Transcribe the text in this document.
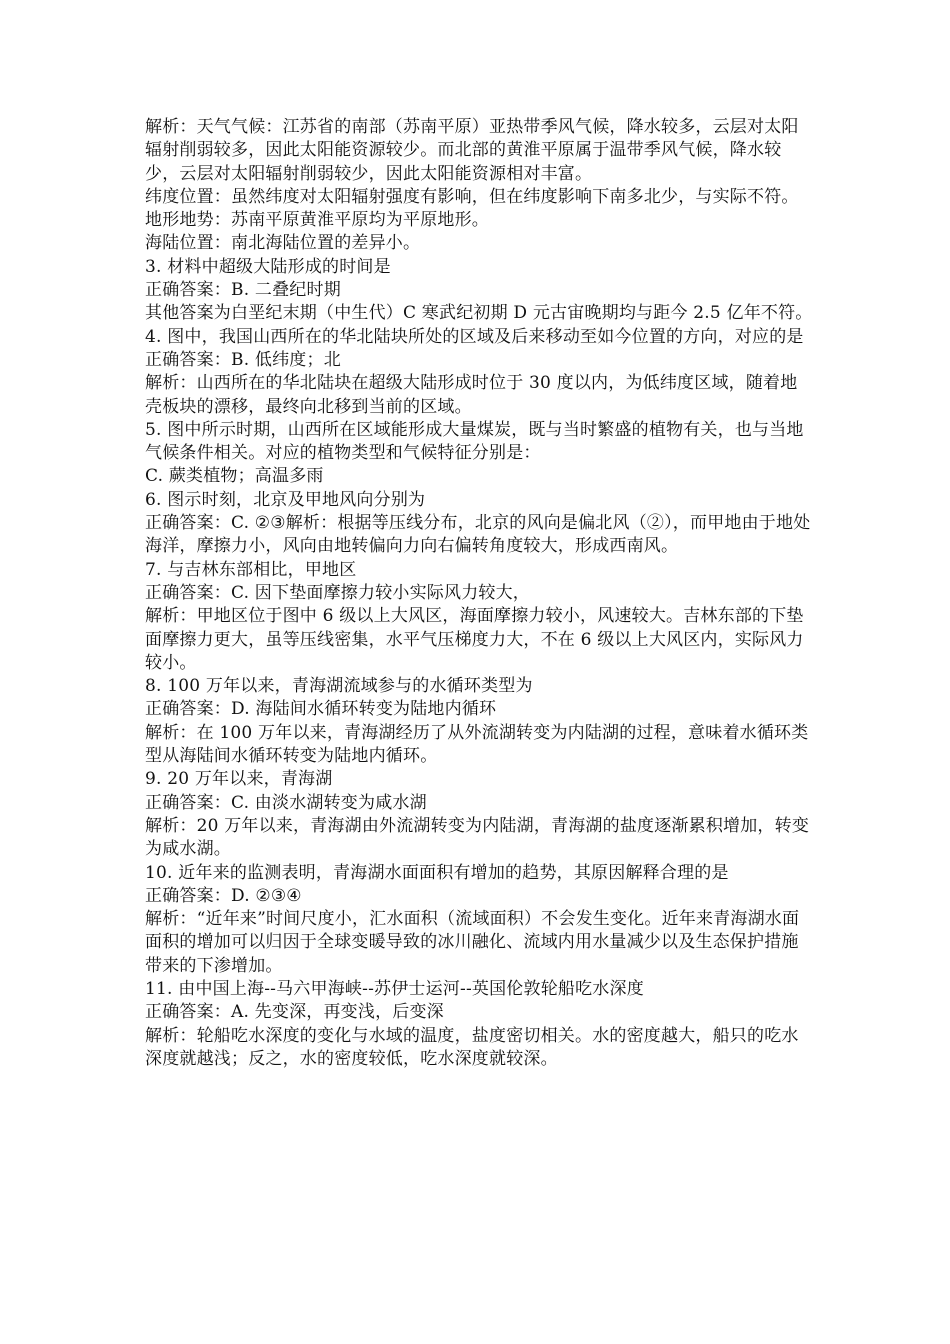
解析：天气气候：江苏省的南部（苏南平原）亚热带季风气候，降水较多，云层对太阳辐射削弱较多，因此太阳能资源较少。而北部的黄淮平原属于温带季风气候，降水较少，云层对太阳辐射削弱较少，因此太阳能资源相对丰富。

纬度位置：虽然纬度对太阳辐射强度有影响，但在纬度影响下南多北少，与实际不符。

地形地势：苏南平原黄淮平原均为平原地形。

海陆位置：南北海陆位置的差异小。

3. 材料中超级大陆形成的时间是

正确答案：B. 二叠纪时期

其他答案为白垩纪末期（中生代）C 寒武纪初期 D 元古宙晚期均与距今 2.5 亿年不符。

4. 图中，我国山西所在的华北陆块所处的区域及后来移动至如今位置的方向，对应的是

正确答案：B. 低纬度；北

解析：山西所在的华北陆块在超级大陆形成时位于 30 度以内，为低纬度区域，随着地壳板块的漂移，最终向北移到当前的区域。

5. 图中所示时期，山西所在区域能形成大量煤炭，既与当时繁盛的植物有关，也与当地气候条件相关。对应的植物类型和气候特征分别是：

C. 蕨类植物；高温多雨

6. 图示时刻，北京及甲地风向分别为

正确答案：C. ②③解析：根据等压线分布，北京的风向是偏北风（②），而甲地由于地处海洋，摩擦力小，风向由地转偏向力向右偏转角度较大，形成西南风。

7. 与吉林东部相比，甲地区

正确答案：C. 因下垫面摩擦力较小实际风力较大，

解析：甲地区位于图中 6 级以上大风区，海面摩擦力较小，风速较大。吉林东部的下垫面摩擦力更大，虽等压线密集，水平气压梯度力大，不在 6 级以上大风区内，实际风力较小。

8. 100 万年以来，青海湖流域参与的水循环类型为

正确答案：D. 海陆间水循环转变为陆地内循环

解析：在 100 万年以来，青海湖经历了从外流湖转变为内陆湖的过程，意味着水循环类型从海陆间水循环转变为陆地内循环。

9. 20 万年以来，青海湖

正确答案：C. 由淡水湖转变为咸水湖

解析：20 万年以来，青海湖由外流湖转变为内陆湖，青海湖的盐度逐渐累积增加，转变为咸水湖。

10. 近年来的监测表明，青海湖水面面积有增加的趋势，其原因解释合理的是

正确答案：D. ②③④

解析：“近年来”时间尺度小，汇水面积（流域面积）不会发生变化。近年来青海湖水面面积的增加可以归因于全球变暖导致的冰川融化、流域内用水量减少以及生态保护措施带来的下渗增加。

11. 由中国上海--马六甲海峡--苏伊士运河--英国伦敦轮船吃水深度

正确答案：A. 先变深，再变浅，后变深

解析：轮船吃水深度的变化与水域的温度，盐度密切相关。水的密度越大，船只的吃水深度就越浅；反之，水的密度较低，吃水深度就较深。
